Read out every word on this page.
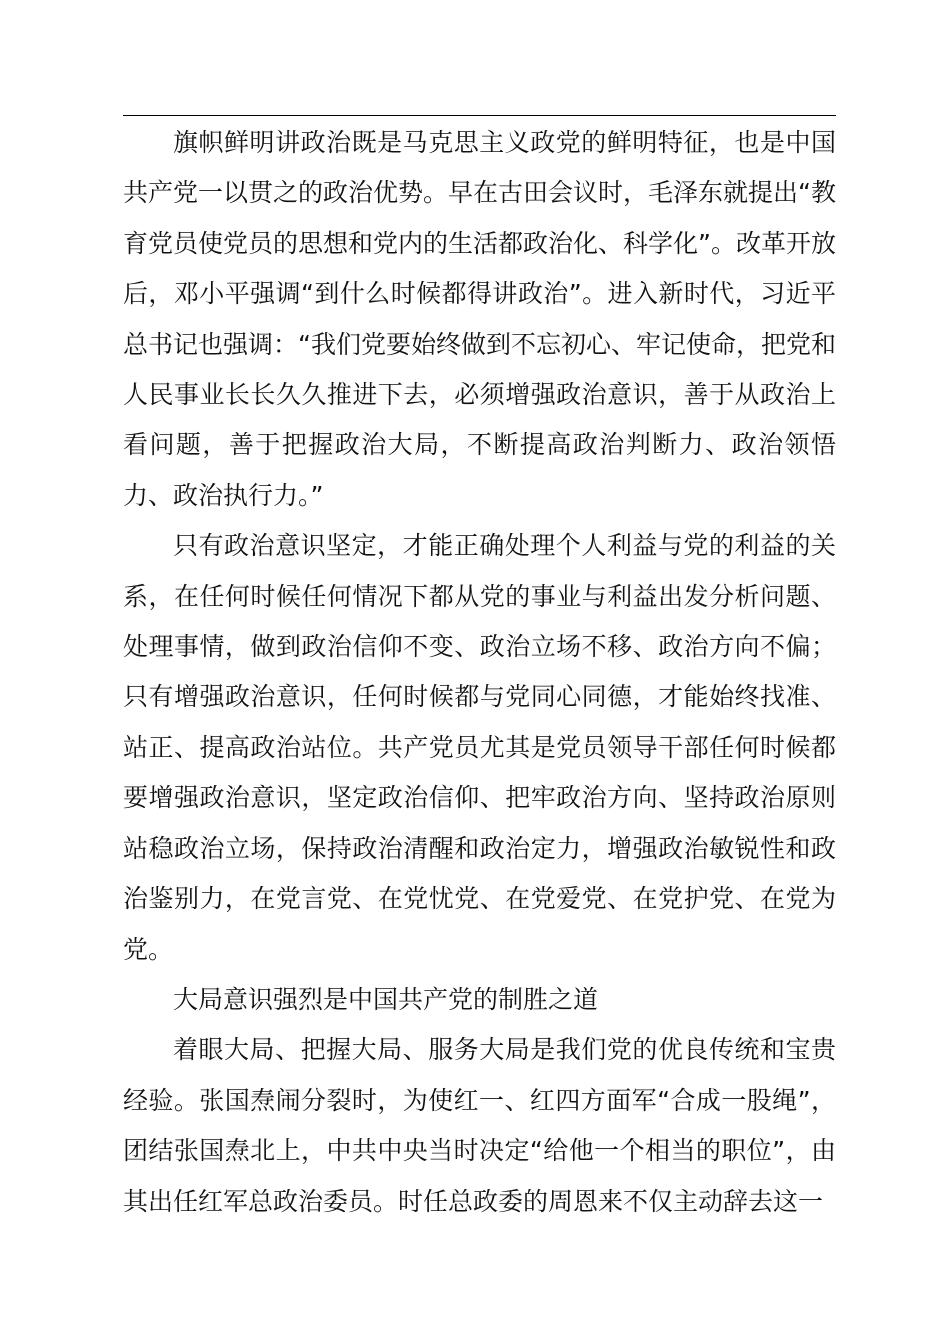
旗帜鲜明讲政治既是马克思主义政党的鲜明特征，也是中国共产党一以贯之的政治优势。早在古田会议时，毛泽东就提出“教育党员使党员的思想和党内的生活都政治化、科学化”。改革开放后，邓小平强调“到什么时候都得讲政治”。进入新时代，习近平总书记也强调：“我们党要始终做到不忘初心、牢记使命，把党和人民事业长长久久推进下去，必须增强政治意识，善于从政治上看问题，善于把握政治大局，不断提高政治判断力、政治领悟力、政治执行力。”

只有政治意识坚定，才能正确处理个人利益与党的利益的关系，在任何时候任何情况下都从党的事业与利益出发分析问题、处理事情，做到政治信仰不变、政治立场不移、政治方向不偏；只有增强政治意识，任何时候都与党同心同德，才能始终找准、站正、提高政治站位。共产党员尤其是党员领导干部任何时候都要增强政治意识，坚定政治信仰、把牢政治方向、坚持政治原则站稳政治立场，保持政治清醒和政治定力，增强政治敏锐性和政治鉴别力，在党言党、在党忧党、在党爱党、在党护党、在党为党。

大局意识强烈是中国共产党的制胜之道

着眼大局、把握大局、服务大局是我们党的优良传统和宝贵经验。张国焘闹分裂时，为使红一、红四方面军“合成一股绳”，团结张国焘北上，中共中央当时决定“给他一个相当的职位”，由其出任红军总政治委员。时任总政委的周恩来不仅主动辞去这一
